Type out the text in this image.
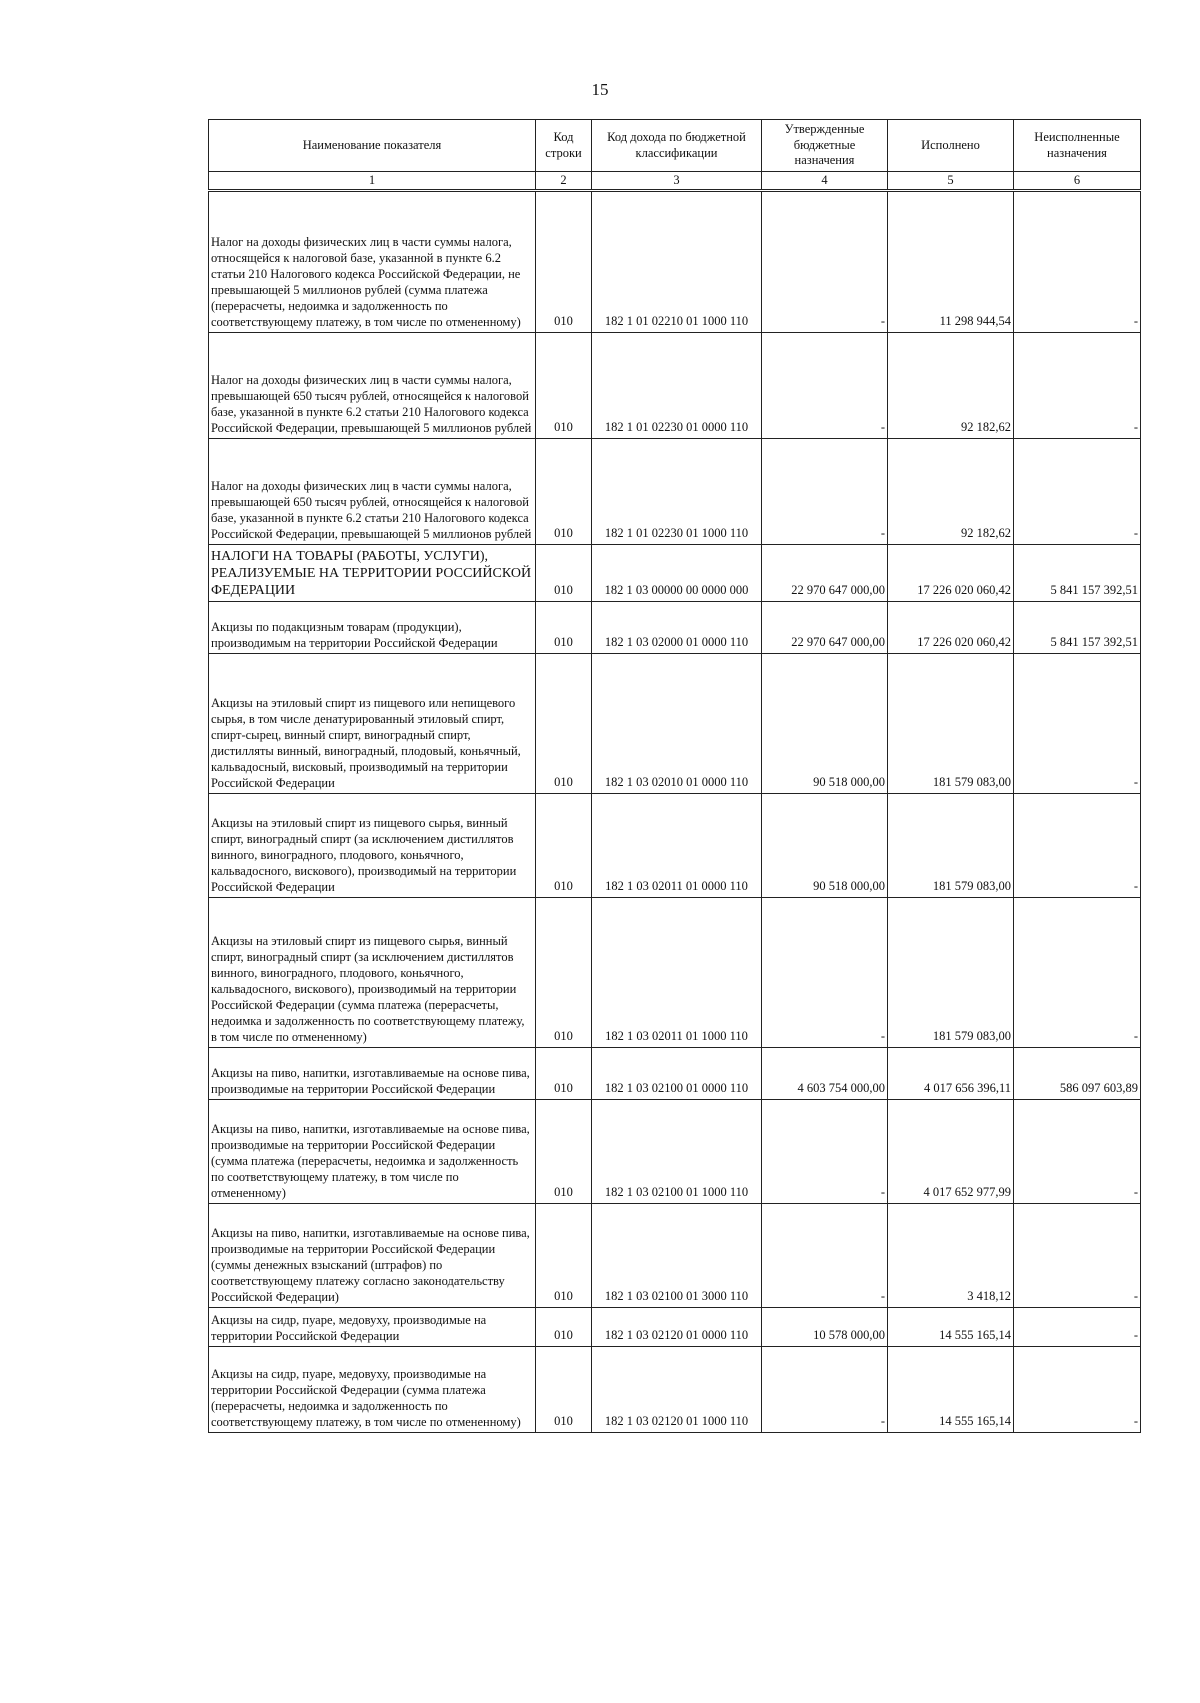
15
Наименование показателя	Код строки	Код дохода по бюджетной классификации	Утвержденные бюджетные назначения	Исполнено	Неисполненные назначения
1	2	3	4	5	6
Налог на доходы физических лиц в части суммы налога, относящейся к налоговой базе, указанной в пункте 6.2 статьи 210 Налогового кодекса Российской Федерации, не превышающей 5 миллионов рублей (сумма платежа (перерасчеты, недоимка и задолженность по соответствующему платежу, в том числе по отмененному)	010	182 1 01 02210 01 1000 110	-	11 298 944,54	-
Налог на доходы физических лиц в части суммы налога, превышающей 650 тысяч рублей, относящейся к налоговой базе, указанной в пункте 6.2 статьи 210 Налогового кодекса Российской Федерации, превышающей 5 миллионов рублей	010	182 1 01 02230 01 0000 110	-	92 182,62	-
Налог на доходы физических лиц в части суммы налога, превышающей 650 тысяч рублей, относящейся к налоговой базе, указанной в пункте 6.2 статьи 210 Налогового кодекса Российской Федерации, превышающей 5 миллионов рублей	010	182 1 01 02230 01 1000 110	-	92 182,62	-
НАЛОГИ НА ТОВАРЫ (РАБОТЫ, УСЛУГИ), РЕАЛИЗУЕМЫЕ НА ТЕРРИТОРИИ РОССИЙСКОЙ ФЕДЕРАЦИИ	010	182 1 03 00000 00 0000 000	22 970 647 000,00	17 226 020 060,42	5 841 157 392,51
Акцизы по подакцизным товарам (продукции), производимым на территории Российской Федерации	010	182 1 03 02000 01 0000 110	22 970 647 000,00	17 226 020 060,42	5 841 157 392,51
Акцизы на этиловый спирт из пищевого или непищевого сырья, в том числе денатурированный этиловый спирт, спирт-сырец, винный спирт, виноградный спирт, дистилляты винный, виноградный, плодовый, коньячный, кальвадосный, висковый, производимый на территории Российской Федерации	010	182 1 03 02010 01 0000 110	90 518 000,00	181 579 083,00	-
Акцизы на этиловый спирт из пищевого сырья, винный спирт, виноградный спирт (за исключением дистиллятов винного, виноградного, плодового, коньячного, кальвадосного, вискового), производимый на территории Российской Федерации	010	182 1 03 02011 01 0000 110	90 518 000,00	181 579 083,00	-
Акцизы на этиловый спирт из пищевого сырья, винный спирт, виноградный спирт (за исключением дистиллятов винного, виноградного, плодового, коньячного, кальвадосного, вискового), производимый на территории Российской Федерации (сумма платежа (перерасчеты, недоимка и задолженность по соответствующему платежу, в том числе по отмененному)	010	182 1 03 02011 01 1000 110	-	181 579 083,00	-
Акцизы на пиво, напитки, изготавливаемые на основе пива, производимые на территории Российской Федерации	010	182 1 03 02100 01 0000 110	4 603 754 000,00	4 017 656 396,11	586 097 603,89
Акцизы на пиво, напитки, изготавливаемые на основе пива, производимые на территории Российской Федерации (сумма платежа (перерасчеты, недоимка и задолженность по соответствующему платежу, в том числе по отмененному)	010	182 1 03 02100 01 1000 110	-	4 017 652 977,99	-
Акцизы на пиво, напитки, изготавливаемые на основе пива, производимые на территории Российской Федерации (суммы денежных взысканий (штрафов) по соответствующему платежу согласно законодательству Российской Федерации)	010	182 1 03 02100 01 3000 110	-	3 418,12	-
Акцизы на сидр, пуаре, медовуху, производимые на территории Российской Федерации	010	182 1 03 02120 01 0000 110	10 578 000,00	14 555 165,14	-
Акцизы на сидр, пуаре, медовуху, производимые на территории Российской Федерации (сумма платежа (перерасчеты, недоимка и задолженность по соответствующему платежу, в том числе по отмененному)	010	182 1 03 02120 01 1000 110	-	14 555 165,14	-
